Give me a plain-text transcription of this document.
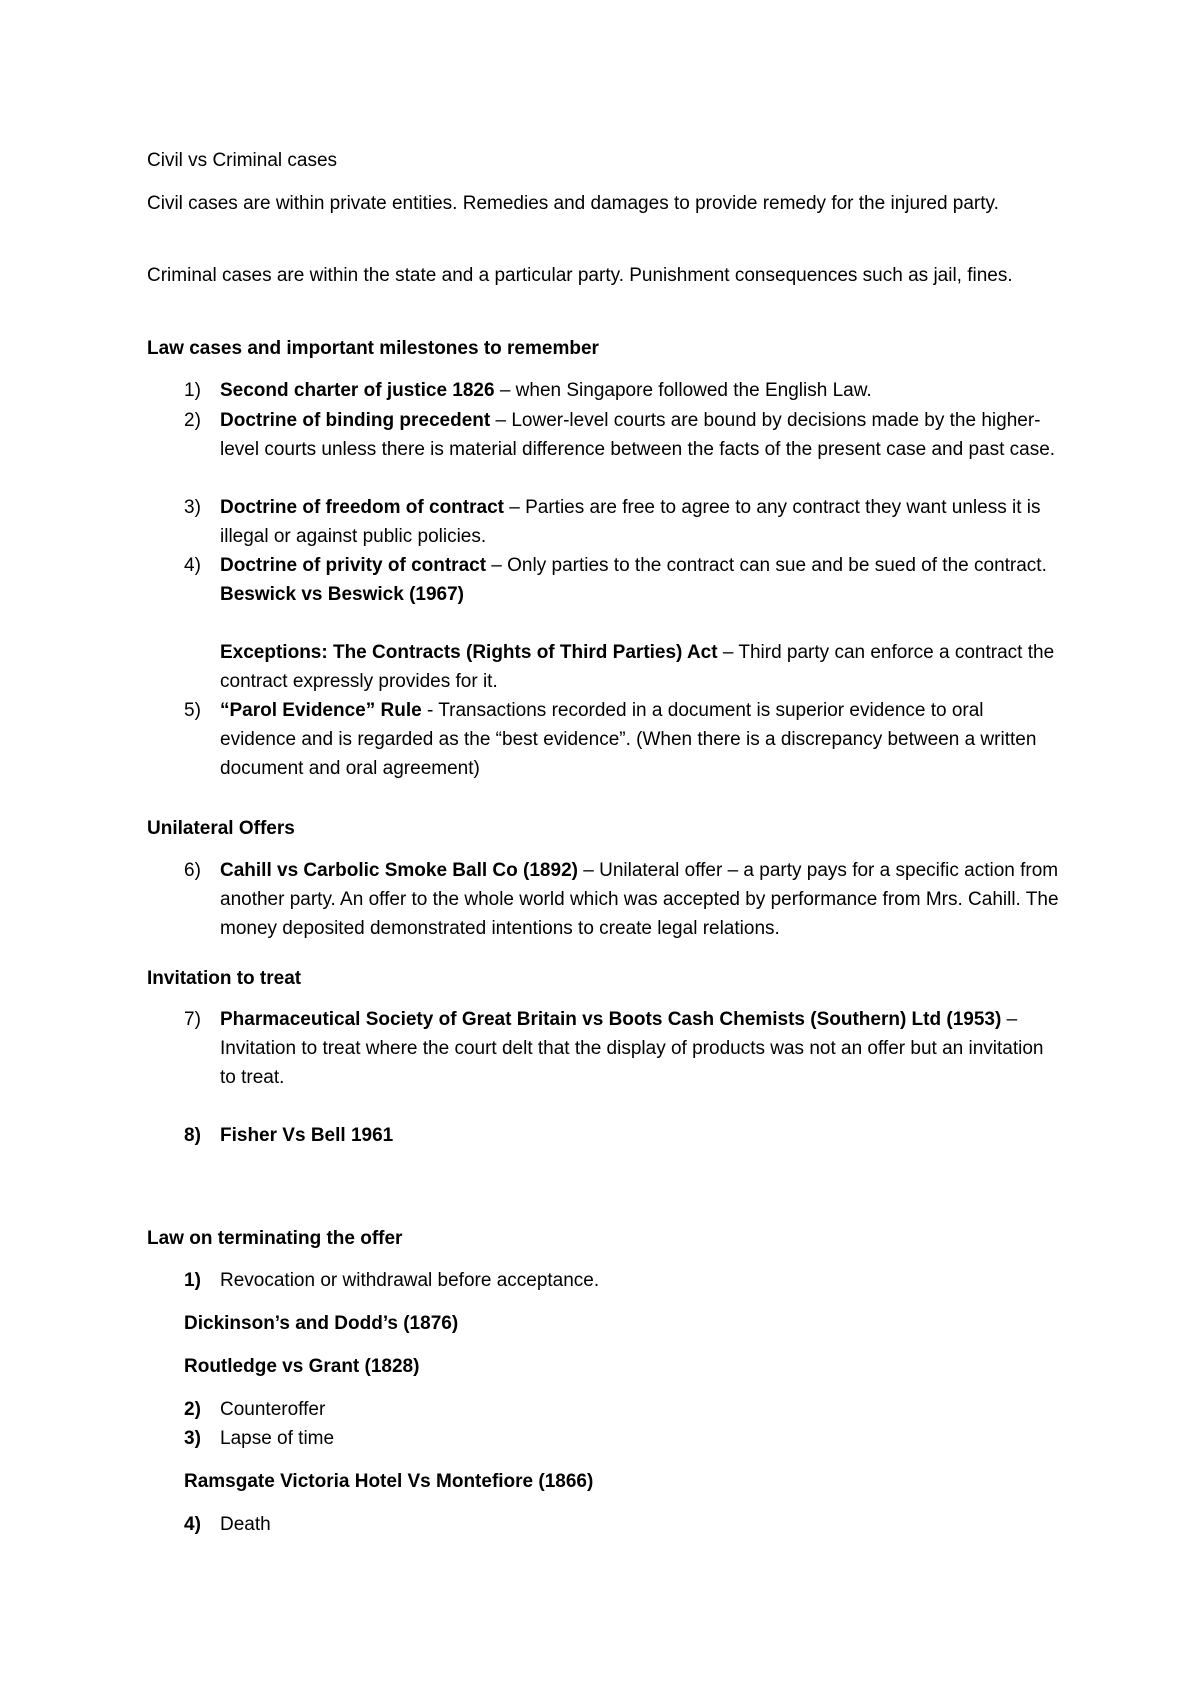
Civil vs Criminal cases

Civil cases are within private entities. Remedies and damages to provide remedy for the injured party.

Criminal cases are within the state and a particular party. Punishment consequences such as jail, fines.

Law cases and important milestones to remember

1)	Second charter of justice 1826 – when Singapore followed the English Law.
2)	Doctrine of binding precedent – Lower-level courts are bound by decisions made by the higher-level courts unless there is material difference between the facts of the present case and past case.
3)	Doctrine of freedom of contract – Parties are free to agree to any contract they want unless it is illegal or against public policies.
4)	Doctrine of privity of contract – Only parties to the contract can sue and be sued of the contract. Beswick vs Beswick (1967)
Exceptions: The Contracts (Rights of Third Parties) Act – Third party can enforce a contract the contract expressly provides for it.
5)	“Parol Evidence” Rule - Transactions recorded in a document is superior evidence to oral evidence and is regarded as the “best evidence”. (When there is a discrepancy between a written document and oral agreement)

Unilateral Offers

6)	Cahill vs Carbolic Smoke Ball Co (1892) – Unilateral offer – a party pays for a specific action from another party. An offer to the whole world which was accepted by performance from Mrs. Cahill. The money deposited demonstrated intentions to create legal relations.

Invitation to treat

7)	Pharmaceutical Society of Great Britain vs Boots Cash Chemists (Southern) Ltd (1953) – Invitation to treat where the court delt that the display of products was not an offer but an invitation to treat.
8)	Fisher Vs Bell 1961

Law on terminating the offer

1)	Revocation or withdrawal before acceptance.

Dickinson’s and Dodd’s (1876)

Routledge vs Grant (1828)

2)	Counteroffer
3)	Lapse of time

Ramsgate Victoria Hotel Vs Montefiore (1866)

4)	Death
